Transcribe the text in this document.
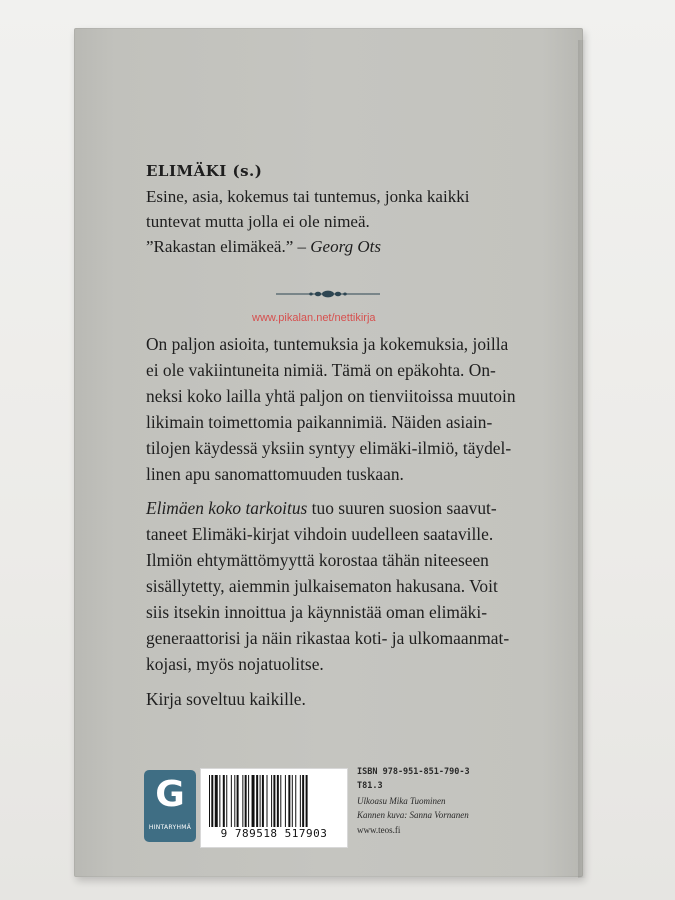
ELIMÄKI (s.)
Esine, asia, kokemus tai tuntemus, jonka kaikki
tuntevat mutta jolla ei ole nimeä.
”Rakastan elimäkeä.” – Georg Ots
On paljon asioita, tuntemuksia ja kokemuksia, joilla
ei ole vakiintuneita nimiä. Tämä on epäkohta. On-
neksi koko lailla yhtä paljon on tienviitoissa muutoin
likimain toimettomia paikannimiä. Näiden asiain-
tilojen käydessä yksiin syntyy elimäki-ilmiö, täydel-
linen apu sanomattomuuden tuskaan.
www.pikalan.net/nettikirja
Elimäen koko tarkoitus tuo suuren suosion saavut-
taneet Elimäki-kirjat vihdoin uudelleen saataville.
Ilmiön ehtymättömyyttä korostaa tähän niteeseen
sisällytetty, aiemmin julkaisematon hakusana. Voit
siis itsekin innoittua ja käynnistää oman elimäki-
generaattorisi ja näin rikastaa koti- ja ulkomaanmat-
kojasi, myös nojatuolitse.
Kirja soveltuu kaikille.
G
HINTARYHMÄ	9 789518 517903
ISBN 978-951-851-790-3
T81.3
Ulkoasu Mika Tuominen
Kannen kuva: Sanna Vornanen
www.teos.fi
